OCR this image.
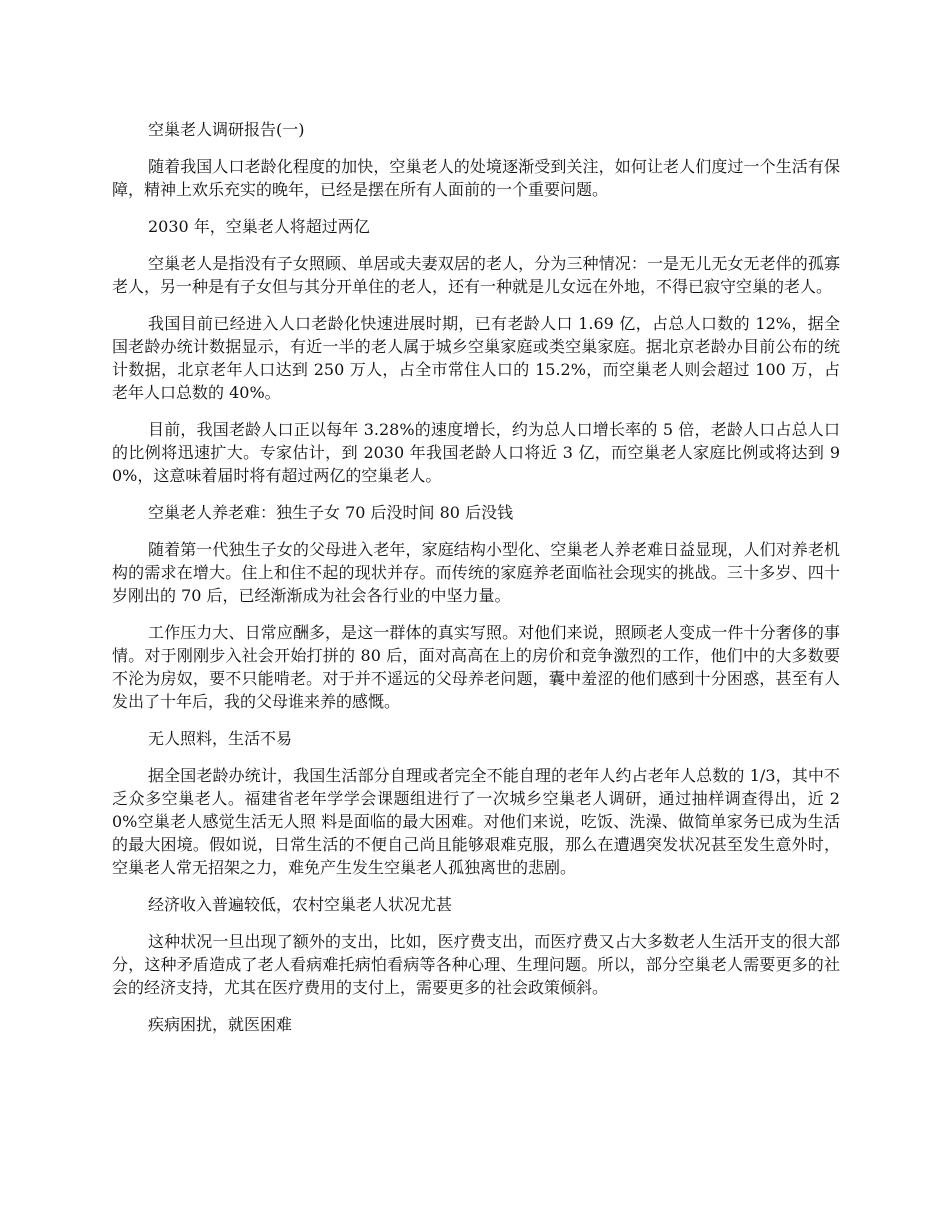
空巢老人调研报告(一)

随着我国人口老龄化程度的加快，空巢老人的处境逐渐受到关注，如何让老人们度过一个生活有保障，精神上欢乐充实的晚年，已经是摆在所有人面前的一个重要问题。

2030 年，空巢老人将超过两亿

空巢老人是指没有子女照顾、单居或夫妻双居的老人，分为三种情况：一是无儿无女无老伴的孤寡老人，另一种是有子女但与其分开单住的老人，还有一种就是儿女远在外地，不得已寂守空巢的老人。

我国目前已经进入人口老龄化快速进展时期，已有老龄人口 1.69 亿，占总人口数的 12%，据全国老龄办统计数据显示，有近一半的老人属于城乡空巢家庭或类空巢家庭。据北京老龄办目前公布的统计数据，北京老年人口达到 250 万人，占全市常住人口的 15.2%，而空巢老人则会超过 100 万，占老年人口总数的 40%。

目前，我国老龄人口正以每年 3.28%的速度增长，约为总人口增长率的 5 倍，老龄人口占总人口的比例将迅速扩大。专家估计，到 2030 年我国老龄人口将近 3 亿，而空巢老人家庭比例或将达到 90%，这意味着届时将有超过两亿的空巢老人。

空巢老人养老难：独生子女 70 后没时间 80 后没钱

随着第一代独生子女的父母进入老年，家庭结构小型化、空巢老人养老难日益显现，人们对养老机构的需求在增大。住上和住不起的现状并存。而传统的家庭养老面临社会现实的挑战。三十多岁、四十岁刚出的 70 后，已经渐渐成为社会各行业的中坚力量。

工作压力大、日常应酬多，是这一群体的真实写照。对他们来说，照顾老人变成一件十分奢侈的事情。对于刚刚步入社会开始打拼的 80 后，面对高高在上的房价和竞争激烈的工作，他们中的大多数要不沦为房奴，要不只能啃老。对于并不遥远的父母养老问题，囊中羞涩的他们感到十分困惑，甚至有人发出了十年后，我的父母谁来养的感慨。

无人照料，生活不易

据全国老龄办统计，我国生活部分自理或者完全不能自理的老年人约占老年人总数的 1/3，其中不乏众多空巢老人。福建省老年学学会课题组进行了一次城乡空巢老人调研，通过抽样调查得出，近 20%空巢老人感觉生活无人照 料是面临的最大困难。对他们来说，吃饭、洗澡、做简单家务已成为生活的最大困境。假如说，日常生活的不便自己尚且能够艰难克服，那么在遭遇突发状况甚至发生意外时，空巢老人常无招架之力，难免产生发生空巢老人孤独离世的悲剧。

经济收入普遍较低，农村空巢老人状况尤甚

这种状况一旦出现了额外的支出，比如，医疗费支出，而医疗费又占大多数老人生活开支的很大部分，这种矛盾造成了老人看病难托病怕看病等各种心理、生理问题。所以，部分空巢老人需要更多的社会的经济支持，尤其在医疗费用的支付上，需要更多的社会政策倾斜。

疾病困扰，就医困难
